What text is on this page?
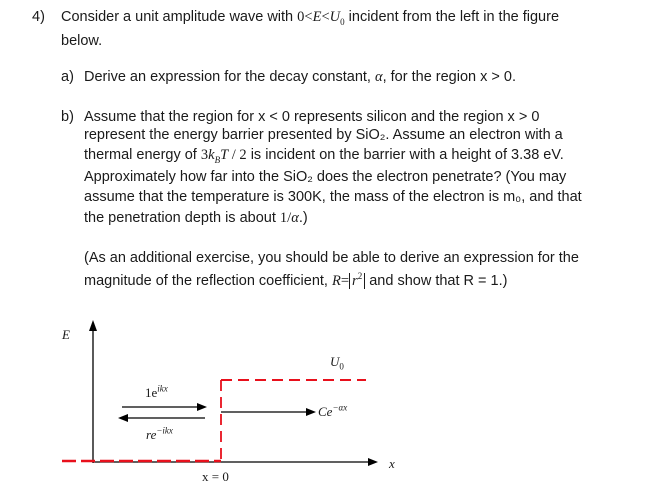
4) Consider a unit amplitude wave with $0<E<U_0$ incident from the left in the figure
below.
a) Derive an expression for the decay constant, α, for the region x > 0.
b) Assume that the region for x < 0 represents silicon and the region x > 0
represent the energy barrier presented by SiO₂. Assume an electron with a
thermal energy of $3k_BT / 2$ is incident on the barrier with a height of 3.38 eV.
Approximately how far into the SiO₂ does the electron penetrate? (You may
assume that the temperature is 300K, the mass of the electron is m₀, and that
the penetration depth is about 1/α.)
(As an additional exercise, you should be able to derive an expression for the
magnitude of the reflection coefficient, $R= r^2$ and show that R = 1.)
E
$U_0$
$1e^{ikx}$
$re^{-ikx}$
$Ce^{-\alpha x}$
x
x = 0
